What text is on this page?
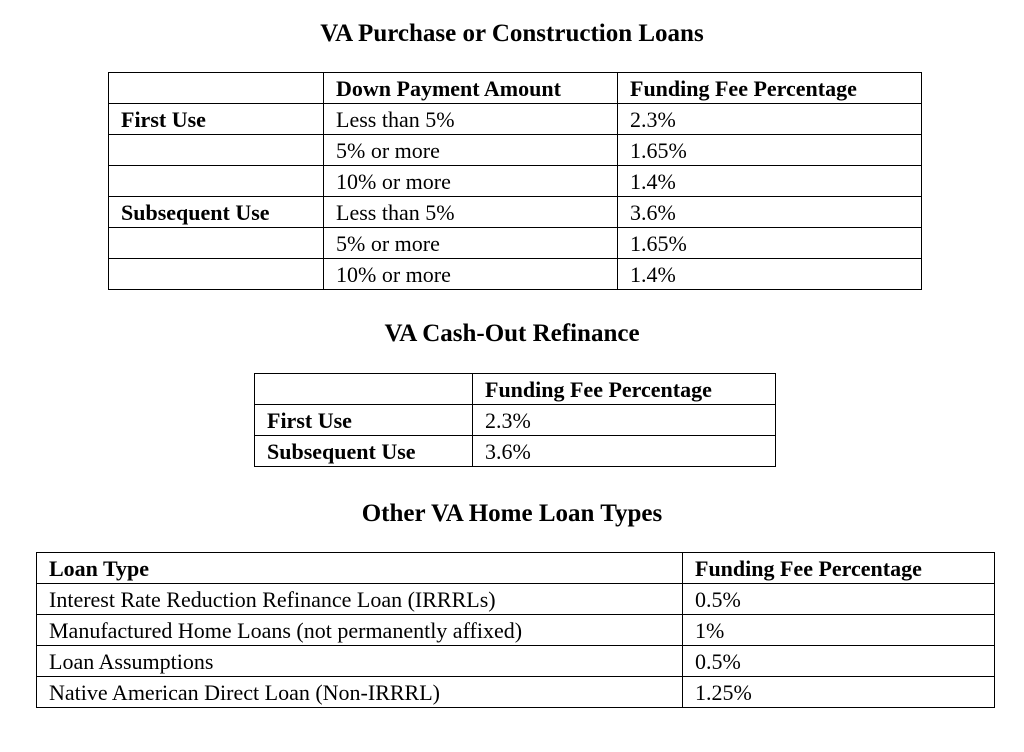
VA Purchase or Construction Loans
	Down Payment Amount	Funding Fee Percentage
First Use	Less than 5%	2.3%
	5% or more	1.65%
	10% or more	1.4%
Subsequent Use	Less than 5%	3.6%
	5% or more	1.65%
	10% or more	1.4%
VA Cash-Out Refinance
	Funding Fee Percentage
First Use	2.3%
Subsequent Use	3.6%
Other VA Home Loan Types
Loan Type	Funding Fee Percentage
Interest Rate Reduction Refinance Loan (IRRRLs)	0.5%
Manufactured Home Loans (not permanently affixed)	1%
Loan Assumptions	0.5%
Native American Direct Loan (Non-IRRRL)	1.25%
